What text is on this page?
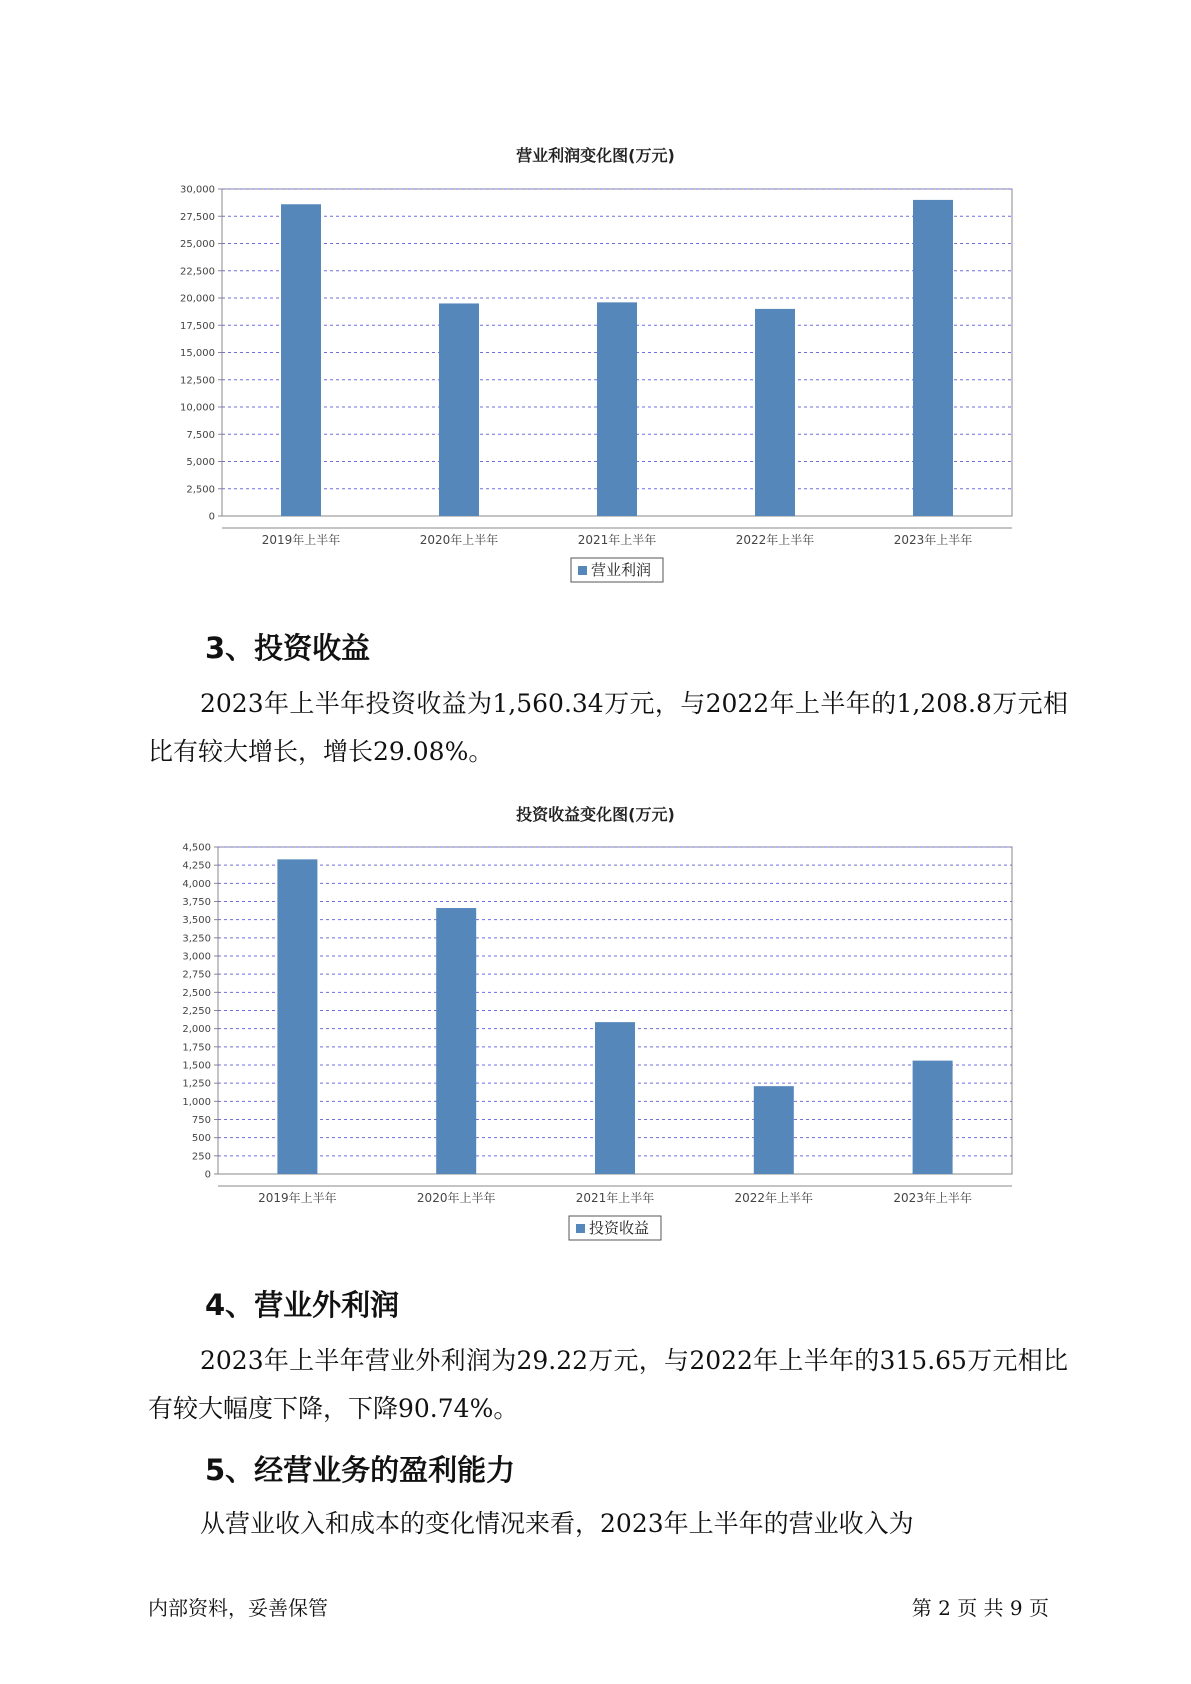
营业利润变化图(万元)
0
2,500
5,000
7,500
10,000
12,500
15,000
17,500
20,000
22,500
25,000
27,500
30,000
2019年上半年	2020年上半年	2021年上半年	2022年上半年	2023年上半年
营业利润
3、投资收益

2023年上半年投资收益为1,560.34万元，与2022年上半年的1,208.8万元相比有较大增长，增长29.08%。

投资收益变化图(万元)
0
250
500
750
1,000
1,250
1,500
1,750
2,000
2,250
2,500
2,750
3,000
3,250
3,500
3,750
4,000
4,250
4,500
2019年上半年	2020年上半年	2021年上半年	2022年上半年	2023年上半年
投资收益
4、营业外利润

2023年上半年营业外利润为29.22万元，与2022年上半年的315.65万元相比有较大幅度下降，下降90.74%。

5、经营业务的盈利能力

从营业收入和成本的变化情况来看，2023年上半年的营业收入为

内部资料，妥善保管	第 2 页 共 9 页
